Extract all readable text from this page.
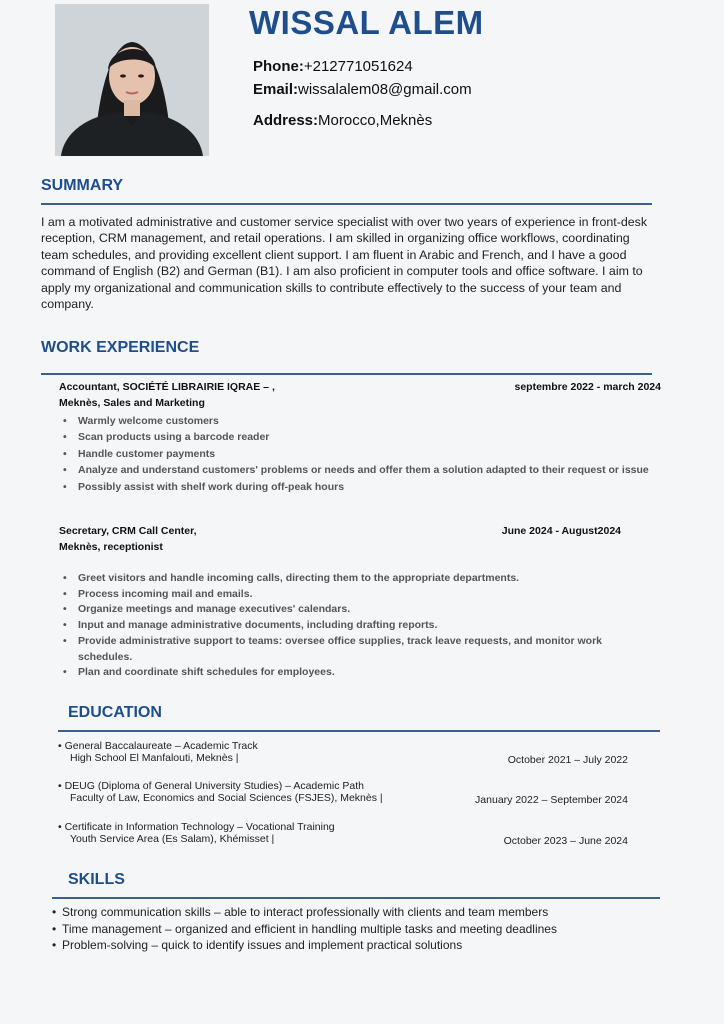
WISSAL ALEM
Phone:+212771051624
Email:wissalalem08@gmail.com
Address:Morocco,Meknès
SUMMARY
I am a motivated administrative and customer service specialist with over two years of experience in front-desk reception, CRM management, and retail operations. I am skilled in organizing office workflows, coordinating team schedules, and providing excellent client support. I am fluent in Arabic and French, and I have a good command of English (B2) and German (B1). I am also proficient in computer tools and office software. I aim to apply my organizational and communication skills to contribute effectively to the success of your team and company.
WORK EXPERIENCE
Accountant, SOCIÉTÉ LIBRAIRIE IQRAE – ,	septembre 2022 - march 2024
Meknès, Sales and Marketing
• Warmly welcome customers
• Scan products using a barcode reader
• Handle customer payments
• Analyze and understand customers' problems or needs and offer them a solution adapted to their request or issue
• Possibly assist with shelf work during off-peak hours
Secretary, CRM Call Center,	June 2024 - August2024
Meknès, receptionist
• Greet visitors and handle incoming calls, directing them to the appropriate departments.
• Process incoming mail and emails.
• Organize meetings and manage executives' calendars.
• Input and manage administrative documents, including drafting reports.
• Provide administrative support to teams: oversee office supplies, track leave requests, and monitor work schedules.
• Plan and coordinate shift schedules for employees.
EDUCATION
• General Baccalaureate – Academic Track
High School El Manfalouti, Meknès |	October 2021 – July 2022
• DEUG (Diploma of General University Studies) – Academic Path
Faculty of Law, Economics and Social Sciences (FSJES), Meknès |	January 2022 – September 2024
• Certificate in Information Technology – Vocational Training
Youth Service Area (Es Salam), Khémisset |	October 2023 – June 2024
SKILLS
• Strong communication skills – able to interact professionally with clients and team members
• Time management – organized and efficient in handling multiple tasks and meeting deadlines
• Problem-solving – quick to identify issues and implement practical solutions
